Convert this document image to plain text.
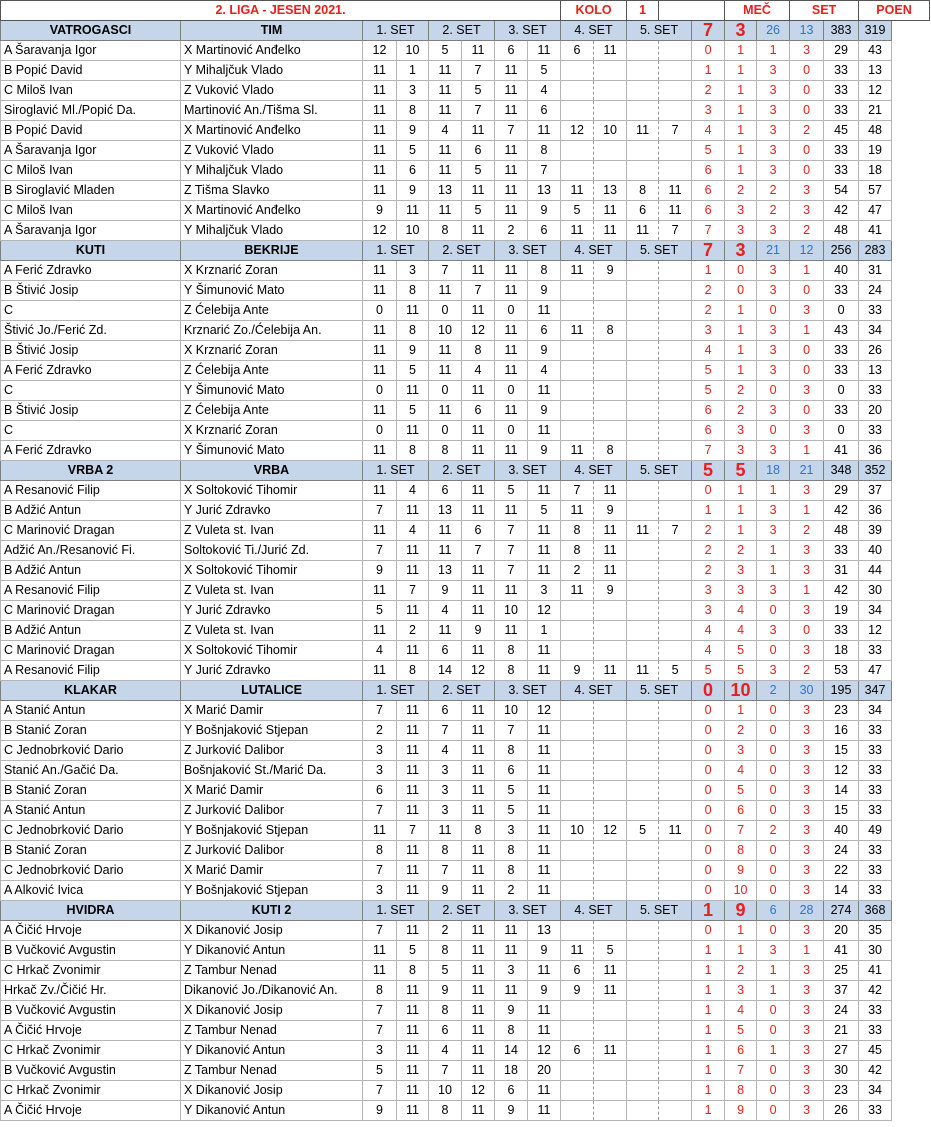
2. LIGA - JESEN 2021.								KOLO		1			MEČ		SET		POEN
VATROGASCI	TIM	1. SET		2. SET		3. SET		4. SET		5. SET		7	3	26	13	383	319
A Šaravanja Igor	X Martinović Anđelko	12	10	5	11	6	11	6	11			0	1	1	3	29	43
B Popić David	Y Mihaljčuk Vlado	11	1	11	7	11	5					1	1	3	0	33	13
C Miloš Ivan	Z Vuković Vlado	11	3	11	5	11	4					2	1	3	0	33	12
Siroglavić Ml./Popić Da.	Martinović An./Tišma Sl.	11	8	11	7	11	6					3	1	3	0	33	21
B Popić David	X Martinović Anđelko	11	9	4	11	7	11	12	10	11	7	4	1	3	2	45	48
A Šaravanja Igor	Z Vuković Vlado	11	5	11	6	11	8					5	1	3	0	33	19
C Miloš Ivan	Y Mihaljčuk Vlado	11	6	11	5	11	7					6	1	3	0	33	18
B Siroglavić Mladen	Z Tišma Slavko	11	9	13	11	11	13	11	13	8	11	6	2	2	3	54	57
C Miloš Ivan	X Martinović Anđelko	9	11	11	5	11	9	5	11	6	11	6	3	2	3	42	47
A Šaravanja Igor	Y Mihaljčuk Vlado	12	10	8	11	2	6	11	11	11	7	7	3	3	2	48	41
KUTI	BEKRIJE	1. SET		2. SET		3. SET		4. SET		5. SET		7	3	21	12	256	283
A Ferić Zdravko	X Krznarić Zoran	11	3	7	11	11	8	11	9			1	0	3	1	40	31
B Štivić Josip	Y Šimunović Mato	11	8	11	7	11	9					2	0	3	0	33	24
C	Z Ćelebija Ante	0	11	0	11	0	11					2	1	0	3	0	33
Štivić Jo./Ferić Zd.	Krznarić Zo./Ćelebija An.	11	8	10	12	11	6	11	8			3	1	3	1	43	34
B Štivić Josip	X Krznarić Zoran	11	9	11	8	11	9					4	1	3	0	33	26
A Ferić Zdravko	Z Ćelebija Ante	11	5	11	4	11	4					5	1	3	0	33	13
C	Y Šimunović Mato	0	11	0	11	0	11					5	2	0	3	0	33
B Štivić Josip	Z Ćelebija Ante	11	5	11	6	11	9					6	2	3	0	33	20
C	X Krznarić Zoran	0	11	0	11	0	11					6	3	0	3	0	33
A Ferić Zdravko	Y Šimunović Mato	11	8	8	11	11	9	11	8			7	3	3	1	41	36
VRBA 2	VRBA	1. SET		2. SET		3. SET		4. SET		5. SET		5	5	18	21	348	352
A Resanović Filip	X Soltoković Tihomir	11	4	6	11	5	11	7	11			0	1	1	3	29	37
B Adžić Antun	Y Jurić Zdravko	7	11	13	11	11	5	11	9			1	1	3	1	42	36
C Marinović Dragan	Z Vuleta st. Ivan	11	4	11	6	7	11	8	11	11	7	2	1	3	2	48	39
Adžić An./Resanović Fi.	Soltoković Ti./Jurić Zd.	7	11	11	7	7	11	8	11			2	2	1	3	33	40
B Adžić Antun	X Soltoković Tihomir	9	11	13	11	7	11	2	11			2	3	1	3	31	44
A Resanović Filip	Z Vuleta st. Ivan	11	7	9	11	11	3	11	9			3	3	3	1	42	30
C Marinović Dragan	Y Jurić Zdravko	5	11	4	11	10	12					3	4	0	3	19	34
B Adžić Antun	Z Vuleta st. Ivan	11	2	11	9	11	1					4	4	3	0	33	12
C Marinović Dragan	X Soltoković Tihomir	4	11	6	11	8	11					4	5	0	3	18	33
A Resanović Filip	Y Jurić Zdravko	11	8	14	12	8	11	9	11	11	5	5	5	3	2	53	47
KLAKAR	LUTALICE	1. SET		2. SET		3. SET		4. SET		5. SET		0	10	2	30	195	347
A Stanić Antun	X Marić Damir	7	11	6	11	10	12					0	1	0	3	23	34
B Stanić Zoran	Y Bošnjaković Stjepan	2	11	7	11	7	11					0	2	0	3	16	33
C Jednobrković Dario	Z Jurković Dalibor	3	11	4	11	8	11					0	3	0	3	15	33
Stanić An./Gačić Da.	Bošnjaković St./Marić Da.	3	11	3	11	6	11					0	4	0	3	12	33
B Stanić Zoran	X Marić Damir	6	11	3	11	5	11					0	5	0	3	14	33
A Stanić Antun	Z Jurković Dalibor	7	11	3	11	5	11					0	6	0	3	15	33
C Jednobrković Dario	Y Bošnjaković Stjepan	11	7	11	8	3	11	10	12	5	11	0	7	2	3	40	49
B Stanić Zoran	Z Jurković Dalibor	8	11	8	11	8	11					0	8	0	3	24	33
C Jednobrković Dario	X Marić Damir	7	11	7	11	8	11					0	9	0	3	22	33
A Alković Ivica	Y Bošnjaković Stjepan	3	11	9	11	2	11					0	10	0	3	14	33
HVIDRA	KUTI 2	1. SET		2. SET		3. SET		4. SET		5. SET		1	9	6	28	274	368
A Čičić Hrvoje	X Dikanović Josip	7	11	2	11	11	13					0	1	0	3	20	35
B Vučković Avgustin	Y Dikanović Antun	11	5	8	11	11	9	11	5			1	1	3	1	41	30
C Hrkač Zvonimir	Z Tambur Nenad	11	8	5	11	3	11	6	11			1	2	1	3	25	41
Hrkač Zv./Čičić Hr.	Dikanović Jo./Dikanović An.	8	11	9	11	11	9	9	11			1	3	1	3	37	42
B Vučković Avgustin	X Dikanović Josip	7	11	8	11	9	11					1	4	0	3	24	33
A Čičić Hrvoje	Z Tambur Nenad	7	11	6	11	8	11					1	5	0	3	21	33
C Hrkač Zvonimir	Y Dikanović Antun	3	11	4	11	14	12	6	11			1	6	1	3	27	45
B Vučković Avgustin	Z Tambur Nenad	5	11	7	11	18	20					1	7	0	3	30	42
C Hrkač Zvonimir	X Dikanović Josip	7	11	10	12	6	11					1	8	0	3	23	34
A Čičić Hrvoje	Y Dikanović Antun	9	11	8	11	9	11					1	9	0	3	26	33
